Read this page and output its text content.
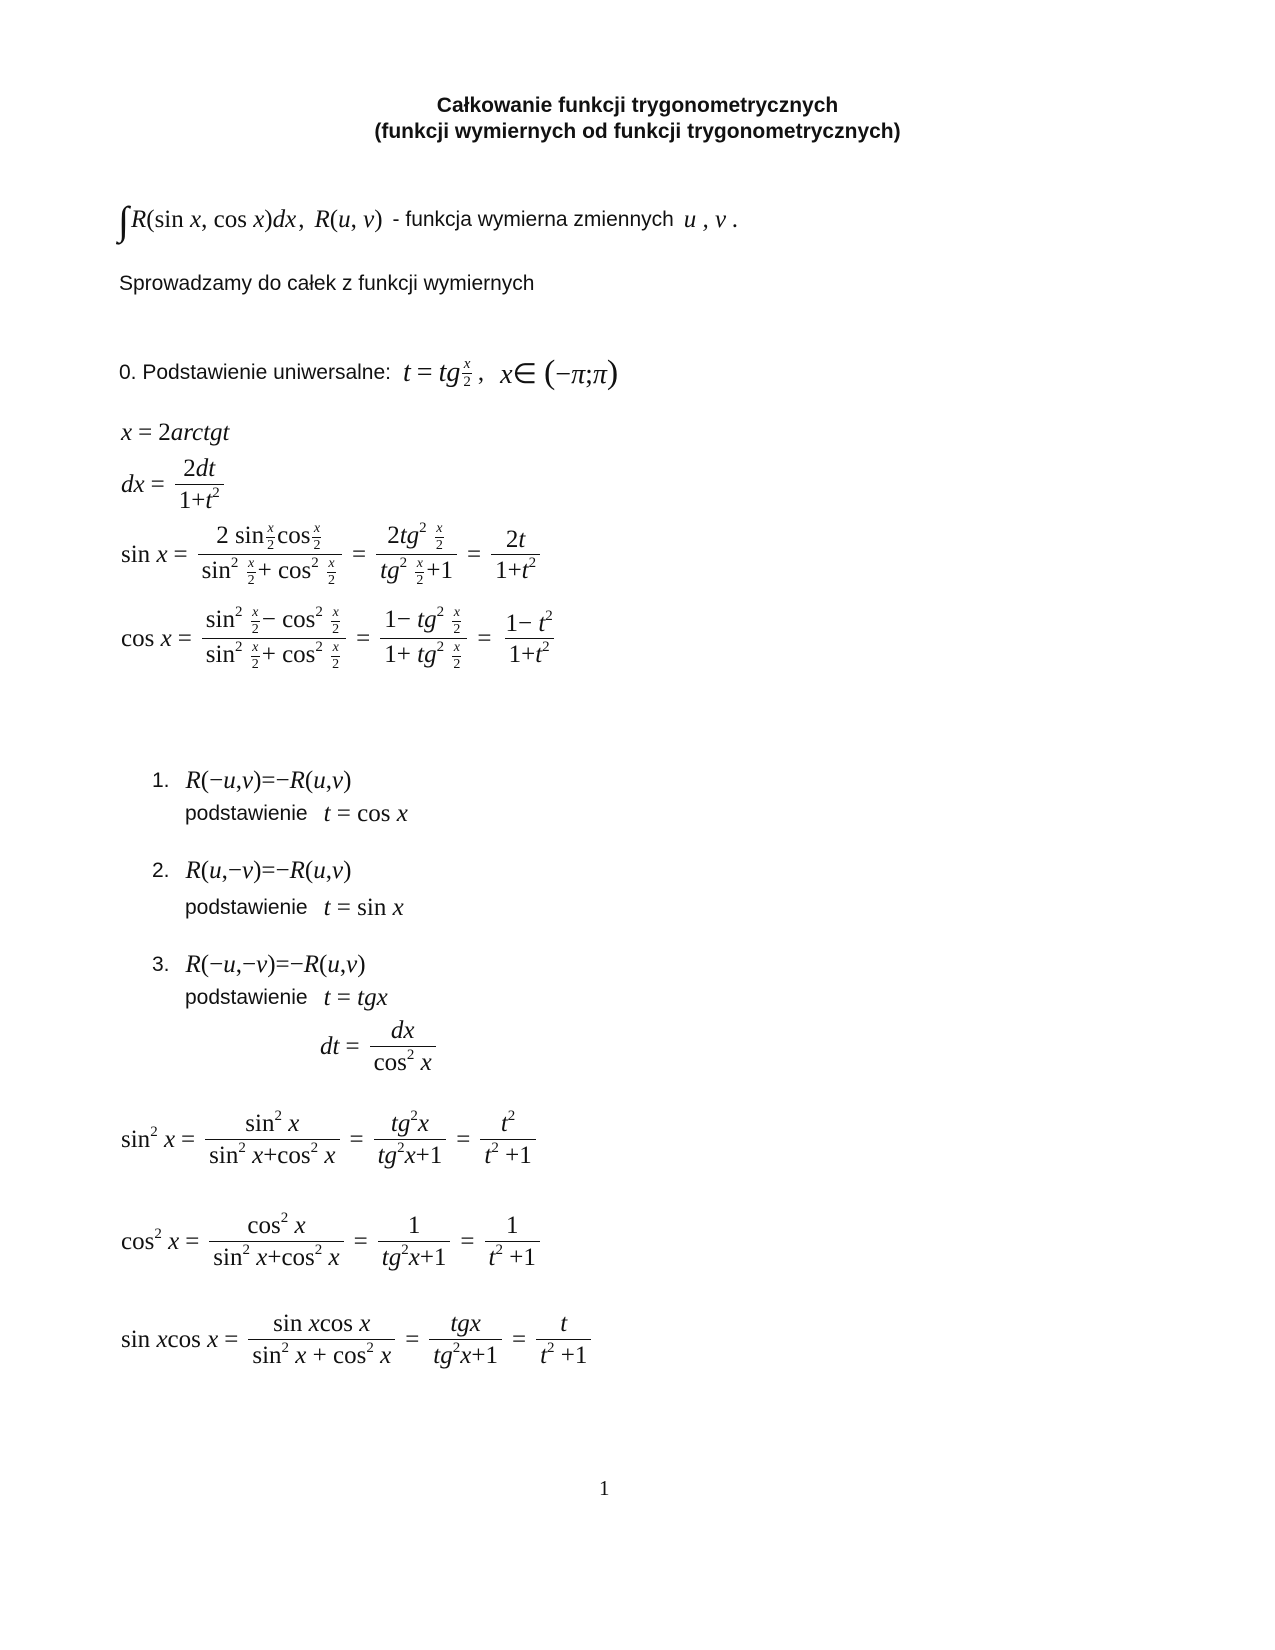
Całkowanie funkcji trygonometrycznych
(funkcji wymiernych od funkcji trygonometrycznych)
∫ R(sin x, cos x)dx , R(u, v) - funkcja wymierna zmiennych u , v .
Sprowadzamy do całek z funkcji wymiernych
0. Podstawienie uniwersalne: t = tg x
2 , x∈ (−π;π)
x = 2arctgt
dx = $\frac{2dt}{1+t^2}$
$\sin x = \frac{2 \sin \frac{x}{2} \cos \frac{x}{2}}{\sin^2 \frac{x}{2} + \cos^2 \frac{x}{2}} = \frac{2tg^2 \frac{x}{2}}{tg^2 \frac{x}{2} +1} = \frac{2t}{1+t^2}$
$\cos x = \frac{\sin^2 \frac{x}{2} - \cos^2 \frac{x}{2}}{\sin^2 \frac{x}{2} + \cos^2 \frac{x}{2}} = \frac{1- tg^2 \frac{x}{2}}{1+ tg^2 \frac{x}{2}} = \frac{1- t^2}{1+t^2}$
1. R(−u,v)=−R(u,v)
podstawienie t = cos x
2. R(u,−v)=−R(u,v)
podstawienie t = sin x
3. R(−u,−v)=−R(u,v)
podstawienie t = tgx
dt = $\frac{dx}{\cos^2 x}$
$\sin^2 x = \frac{\sin^2 x}{\sin^2 x+\cos^2 x} = \frac{tg^2x}{tg^2x+1} = \frac{t^2}{t^2 +1}$
$\cos^2 x = \frac{\cos^2 x}{\sin^2 x+\cos^2 x} = \frac{1}{tg^2x+1} = \frac{1}{t^2 +1}$
sin xcos $x = \frac{\text{sin xcos x}}{\sin^2 x + \cos^2 x} = \frac{\text{tgx}}{tg^2x+1} = \frac{t}{t^2 +1}$
1
